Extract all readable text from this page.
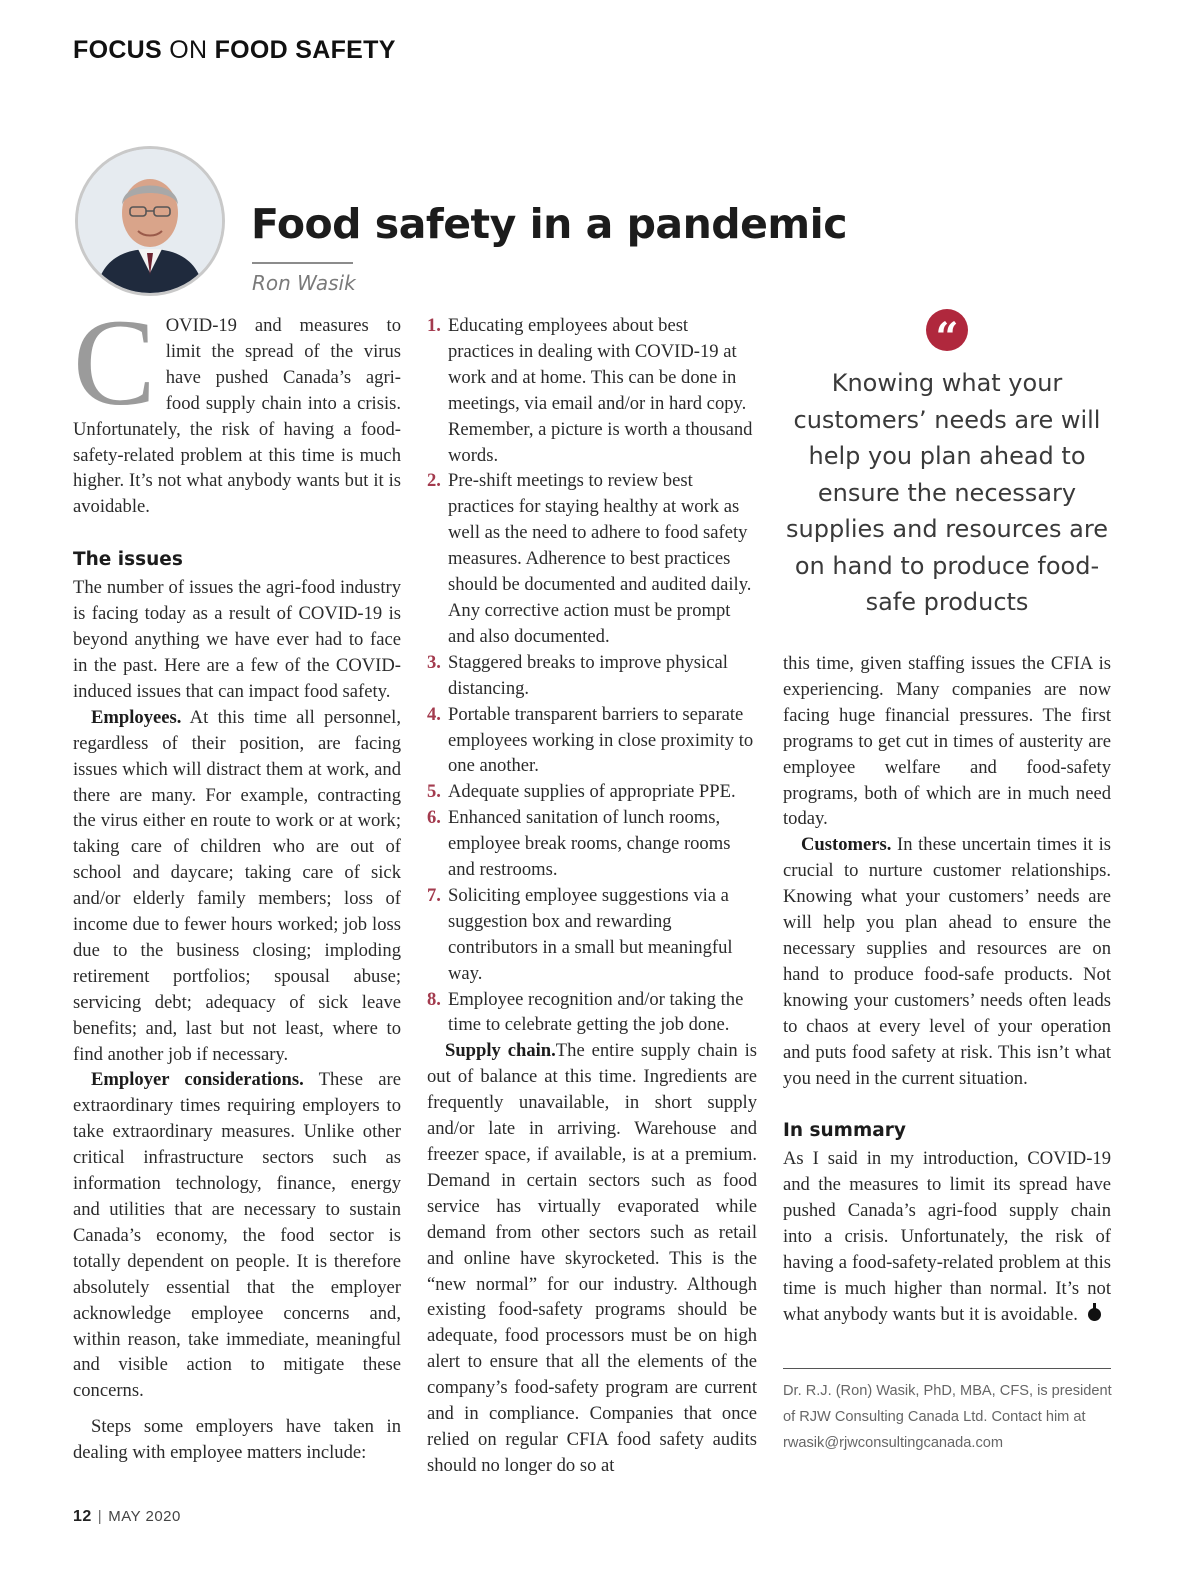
FOCUS ON FOOD SAFETY
Food safety in a pandemic
Ron Wasik

COVID-19 and measures to limit the spread of the virus have pushed Canada’s agri-food supply chain into a crisis. Unfortunately, the risk of having a food-safety-related problem at this time is much higher. It’s not what anybody wants but it is avoidable.

The issues

The number of issues the agri-food industry is facing today as a result of COVID-19 is beyond anything we have ever had to face in the past. Here are a few of the COVID-induced issues that can impact food safety.

Employees. At this time all personnel, regardless of their position, are facing issues which will distract them at work, and there are many. For example, contracting the virus either en route to work or at work; taking care of children who are out of school and daycare; taking care of sick and/or elderly family members; loss of income due to fewer hours worked; job loss due to the business closing; imploding retirement portfolios; spousal abuse; servicing debt; adequacy of sick leave benefits; and, last but not least, where to find another job if necessary.

Employer considerations. These are extraordinary times requiring employers to take extraordinary measures. Unlike other critical infrastructure sectors such as information technology, finance, energy and utilities that are necessary to sustain Canada’s economy, the food sector is totally dependent on people. It is therefore absolutely essential that the employer acknowledge employee concerns and, within reason, take immediate, meaningful and visible action to mitigate these concerns.

Steps some employers have taken in dealing with employee matters include:

1. Educating employees about best practices in dealing with COVID-19 at work and at home. This can be done in meetings, via email and/or in hard copy. Remember, a picture is worth a thousand words.
2. Pre-shift meetings to review best practices for staying healthy at work as well as the need to adhere to food safety measures. Adherence to best practices should be documented and audited daily. Any corrective action must be prompt and also documented.
3. Staggered breaks to improve physical distancing.
4. Portable transparent barriers to separate employees working in close proximity to one another.
5. Adequate supplies of appropriate PPE.
6. Enhanced sanitation of lunch rooms, employee break rooms, change rooms and restrooms.
7. Soliciting employee suggestions via a suggestion box and rewarding contributors in a small but meaningful way.
8. Employee recognition and/or taking the time to celebrate getting the job done.

Supply chain.The entire supply chain is out of balance at this time. Ingredients are frequently unavailable, in short supply and/or late in arriving. Warehouse and freezer space, if available, is at a premium. Demand in certain sectors such as food service has virtually evaporated while demand from other sectors such as retail and online have skyrocketed. This is the “new normal” for our industry. Although existing food-safety programs should be adequate, food processors must be on high alert to ensure that all the elements of the company’s food-safety program are current and in compliance. Companies that once relied on regular CFIA food safety audits should no longer do so at

“

Knowing what your customers’ needs are will help you plan ahead to ensure the necessary supplies and resources are on hand to produce food-safe products

this time, given staffing issues the CFIA is experiencing. Many companies are now facing huge financial pressures. The first programs to get cut in times of austerity are employee welfare and food-safety programs, both of which are in much need today.

Customers. In these uncertain times it is crucial to nurture customer relationships. Knowing what your customers’ needs are will help you plan ahead to ensure the necessary supplies and resources are on hand to produce food-safe products. Not knowing your customers’ needs often leads to chaos at every level of your operation and puts food safety at risk. This isn’t what you need in the current situation.

In summary

As I said in my introduction, COVID-19 and the measures to limit its spread have pushed Canada’s agri-food supply chain into a crisis. Unfortunately, the risk of having a food-safety-related problem at this time is much higher than normal. It’s not what anybody wants but it is avoidable.

Dr. R.J. (Ron) Wasik, PhD, MBA, CFS, is president of RJW Consulting Canada Ltd. Contact him at rwasik@rjwconsultingcanada.com

12 | MAY 2020
